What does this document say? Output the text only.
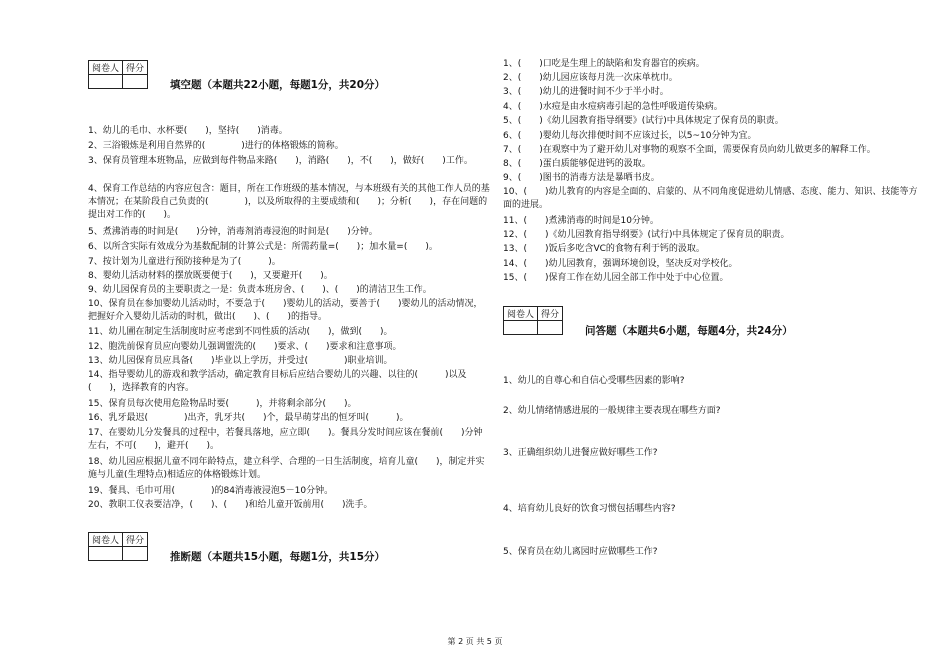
阅卷人	得分

填空题（本题共22小题，每题1分，共20分）

1、幼儿的毛巾、水杯要(　　)，坚持(　　)消毒。

2、三浴锻炼是利用自然界的(　　　　)进行的体格锻炼的简称。

3、保育员管理本班物品，应做到每件物品来路(　　)，消路(　　)，不(　　)，做好(　　)工作。

4、保育工作总结的内容应包含：题目，所在工作班级的基本情况，与本班级有关的其他工作人员的基本情况；在某阶段自己负责的(　　　　)，以及所取得的主要成绩和(　　)；分析(　　)，存在问题的提出对工作的(　　)。

5、煮沸消毒的时间是(　　)分钟，消毒剂消毒浸泡的时间是(　　)分钟。

6、以所含实际有效成分为基数配制的计算公式是：所需药量=(　　)；加水量=(　　)。

7、按计划为儿童进行预防接种是为了(　　　)。

8、婴幼儿活动材料的摆放既要便于(　　)，又要避开(　　)。

9、幼儿园保育员的主要职责之一是：负责本班房舍、(　　)、(　　)的清洁卫生工作。

10、保育员在参加婴幼儿活动时，不要急于(　　)婴幼儿的活动，要善于(　　)婴幼儿的活动情况，把握好介入婴幼儿活动的时机，做出(　　)、(　　)的指导。

11、幼儿圃在制定生活制度时应考虑到不同性质的活动(　　)，做到(　　)。

12、胞洗前保育员应向婴幼儿强调盥洗的(　　)要求、(　　)要求和注意事项。

13、幼儿园保育员应具备(　　)毕业以上学历，并受过(　　　　)职业培训。

14、指导婴幼儿的游戏和教学活动，确定教育目标后应结合婴幼儿的兴趣、以往的(　　　)以及(　　)，选择教育的内容。

15、保育员每次使用危险物品时要(　　　)，并将剩余部分(　　)。

16、乳牙最迟(　　　　)出齐，乳牙共(　　)个，最早萌芽出的恒牙叫(　　　)。

17、在婴幼儿分发餐具的过程中，若餐具落地，应立即(　　)。餐具分发时间应该在餐前(　　)分钟左右，不可(　　)，避开(　　)。

18、幼儿园应根据儿童不同年龄特点，建立科学、合理的一日生活制度，培育儿童(　　)，制定并实施与儿童(生理特点)相适应的体格锻炼计划。

19、餐具、毛巾可用(　　　　)的84消毒液浸泡5－10分钟。

20、教职工仪表要洁净，(　　)、(　　)和给儿童开饭前用(　　)洗手。

阅卷人	得分

推断题（本题共15小题，每题1分，共15分）

1、(　　)口吃是生理上的缺陷和发育器官的疾病。

2、(　　)幼儿园应该每月洗一次床单枕巾。

3、(　　)幼儿的进餐时间不少于半小时。

4、(　　)水痘是由水痘病毒引起的急性呼吸道传染病。

5、(　　)《幼儿园教育指导纲要》(试行)中具体规定了保育员的职责。

6、(　　)婴幼儿每次排便时间不应该过长，以5~10分钟为宜。

7、(　　)在观察中为了避开幼儿对事物的观察不全面，需要保育员向幼儿做更多的解释工作。

8、(　　)蛋白质能够促进钙的汲取。

9、(　　)图书的消毒方法是暴晒书皮。

10、(　　)幼儿教育的内容是全面的、启蒙的、从不同角度促进幼儿情感、态度、能力、知识、技能等方面的进展。

11、(　　)煮沸消毒的时间是10分钟。

12、(　　)《幼儿园教育指导纲要》(试行)中具体规定了保育员的职责。

13、(　　)饭后多吃含VC的食物有利于钙的汲取。

14、(　　)幼儿园教育，强调环境创设，坚决反对学校化。

15、(　　)保育工作在幼儿园全部工作中处于中心位置。

阅卷人	得分

问答题（本题共6小题，每题4分，共24分）

1、幼儿的自尊心和自信心受哪些因素的影响?

2、幼儿情绪情感进展的一般规律主要表现在哪些方面?

3、正确组织幼儿进餐应做好哪些工作?

4、培育幼儿良好的饮食习惯包括哪些内容?

5、保育员在幼儿离园时应做哪些工作?

第 2 页 共 5 页
